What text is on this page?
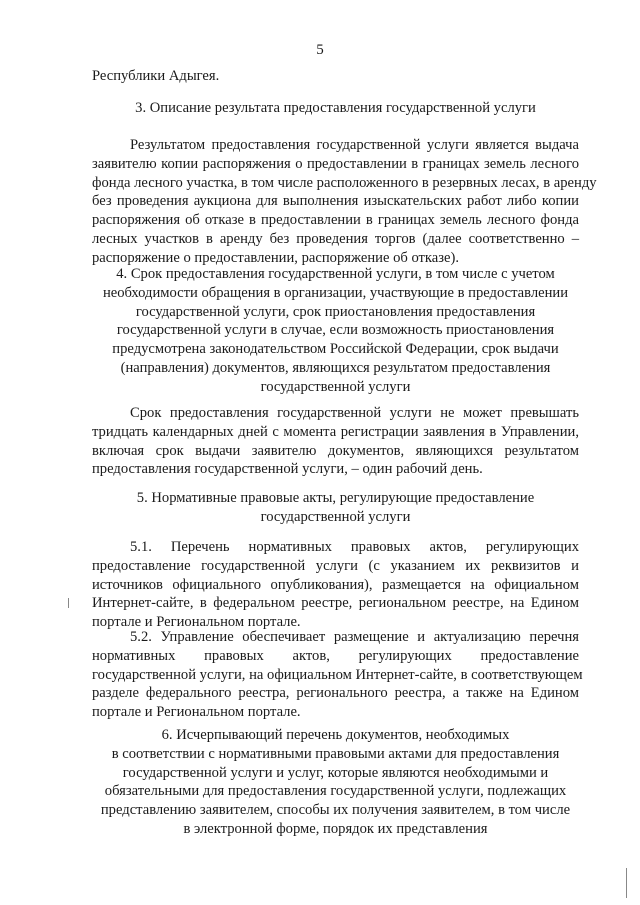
5
Республики Адыгея.
3. Описание результата предоставления государственной услуги
Результатом предоставления государственной услуги является выдача
заявителю копии распоряжения о предоставлении в границах земель лесного
фонда лесного участка, в том числе расположенного в резервных лесах, в аренду
без проведения аукциона для выполнения изыскательских работ либо копии
распоряжения об отказе в предоставлении в границах земель лесного фонда
лесных участков в аренду без проведения торгов (далее соответственно –
распоряжение о предоставлении, распоряжение об отказе).
4. Срок предоставления государственной услуги, в том числе с учетом
необходимости обращения в организации, участвующие в предоставлении
государственной услуги, срок приостановления предоставления
государственной услуги в случае, если возможность приостановления
предусмотрена законодательством Российской Федерации, срок выдачи
(направления) документов, являющихся результатом предоставления
государственной услуги
Срок предоставления государственной услуги не может превышать
тридцать календарных дней с момента регистрации заявления в Управлении,
включая срок выдачи заявителю документов, являющихся результатом
предоставления государственной услуги, – один рабочий день.
5. Нормативные правовые акты, регулирующие предоставление
государственной услуги
5.1. Перечень нормативных правовых актов, регулирующих
предоставление государственной услуги (с указанием их реквизитов и
источников официального опубликования), размещается на официальном
Интернет-сайте, в федеральном реестре, региональном реестре, на Едином
портале и Региональном портале.
5.2. Управление обеспечивает размещение и актуализацию перечня
нормативных правовых актов, регулирующих предоставление
государственной услуги, на официальном Интернет-сайте, в соответствующем
разделе федерального реестра, регионального реестра, а также на Едином
портале и Региональном портале.
6. Исчерпывающий перечень документов, необходимых
в соответствии с нормативными правовыми актами для предоставления
государственной услуги и услуг, которые являются необходимыми и
обязательными для предоставления государственной услуги, подлежащих
представлению заявителем, способы их получения заявителем, в том числе
в электронной форме, порядок их представления
